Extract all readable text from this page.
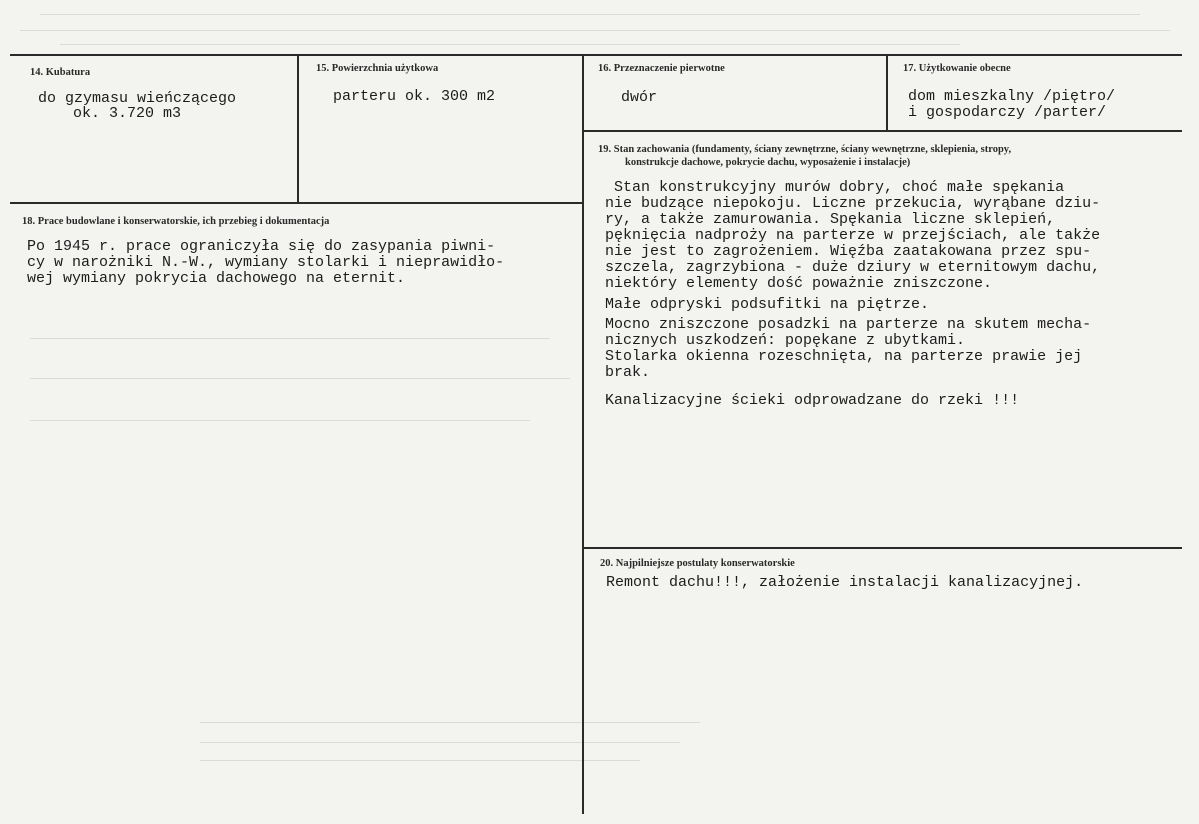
14. Kubatura
do gzymasu wieńczącego
ok. 3.720 m3
15. Powierzchnia użytkowa
parteru ok. 300 m2
16. Przeznaczenie pierwotne
dwór
17. Użytkowanie obecne
dom mieszkalny /piętro/
i gospodarczy /parter/
18. Prace budowlane i konserwatorskie, ich przebieg i dokumentacja
Po 1945 r. prace ograniczyła się do zasypania piwni-
cy w narożniki N.-W., wymiany stolarki i nieprawidło-
wej wymiany pokrycia dachowego na eternit.
19. Stan zachowania (fundamenty, ściany zewnętrzne, ściany wewnętrzne, sklepienia, stropy,
konstrukcje dachowe, pokrycie dachu, wyposażenie i instalacje)
Stan konstrukcyjny murów dobry, choć małe spękania
nie budzące niepokoju. Liczne przekucia, wyrąbane dziu-
ry, a także zamurowania. Spękania liczne sklepień,
pęknięcia nadproży na parterze w przejściach, ale także
nie jest to zagrożeniem. Więźba zaatakowana przez spu-
szczela, zagrzybiona - duże dziury w eternitowym dachu,
niektóry elementy dość poważnie zniszczone.
Małe odpryski podsufitki na piętrze.
Mocno zniszczone posadzki na parterze na skutem mecha-
nicznych uszkodzeń: popękane z ubytkami.
Stolarka okienna rozeschnięta, na parterze prawie jej
brak.
Kanalizacyjne ścieki odprowadzane do rzeki !!!
20. Najpilniejsze postulaty konserwatorskie
Remont dachu!!!, założenie instalacji kanalizacyjnej.
